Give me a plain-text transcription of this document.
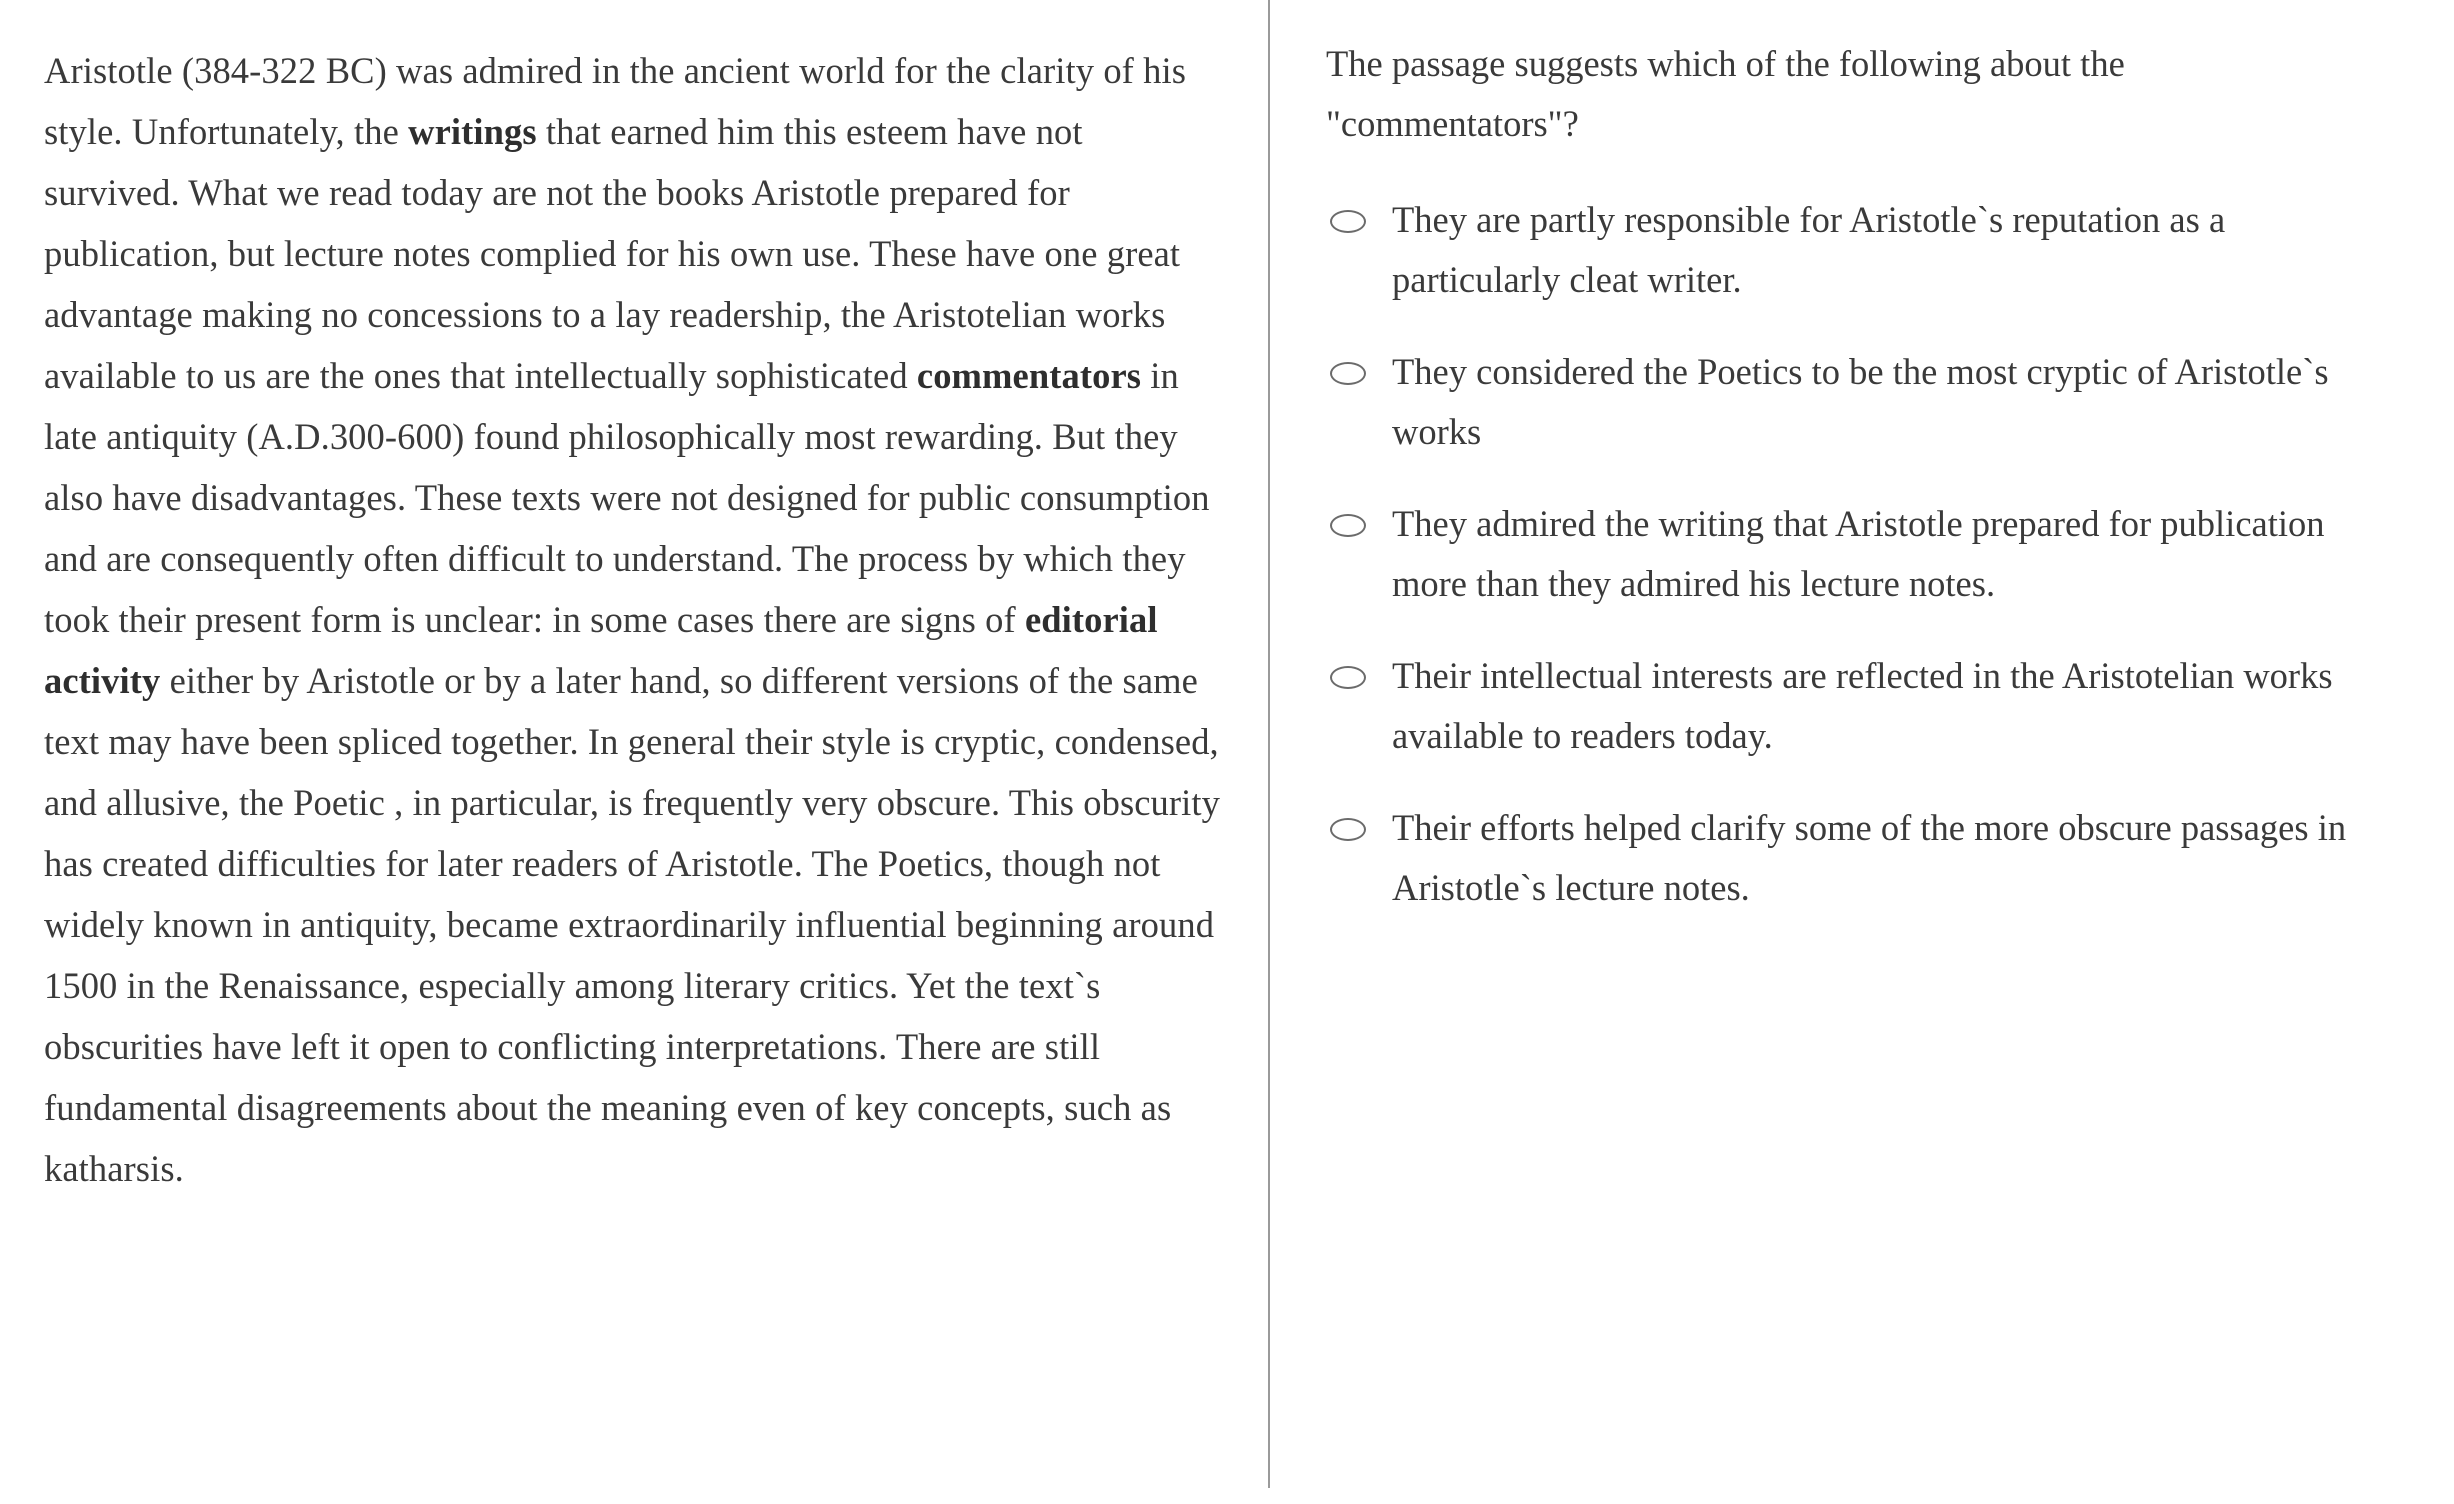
Aristotle (384-322 BC) was admired in the ancient world for the clarity of his style. Unfortunately, the writings that earned him this esteem have not survived. What we read today are not the books Aristotle prepared for publication, but lecture notes complied for his own use. These have one great advantage making no concessions to a lay readership, the Aristotelian works available to us are the ones that intellectually sophisticated commentators in late antiquity (A.D.300-600) found philosophically most rewarding. But they also have disadvantages. These texts were not designed for public consumption and are consequently often difficult to understand. The process by which they took their present form is unclear: in some cases there are signs of editorial activity either by Aristotle or by a later hand, so different versions of the same text may have been spliced together. In general their style is cryptic, condensed, and allusive, the Poetic , in particular, is frequently very obscure. This obscurity has created difficulties for later readers of Aristotle. The Poetics, though not widely known in antiquity, became extraordinarily influential beginning around 1500 in the Renaissance, especially among literary critics. Yet the text`s obscurities have left it open to conflicting interpretations. There are still fundamental disagreements about the meaning even of key concepts, such as katharsis.
The passage suggests which of the following about the "commentators"?
They are partly responsible for Aristotle`s reputation as a particularly cleat writer.
They considered the Poetics to be the most cryptic of Aristotle`s works
They admired the writing that Aristotle prepared for publication more than they admired his lecture notes.
Their intellectual interests are reflected in the Aristotelian works available to readers today.
Their efforts helped clarify some of the more obscure passages in Aristotle`s lecture notes.
